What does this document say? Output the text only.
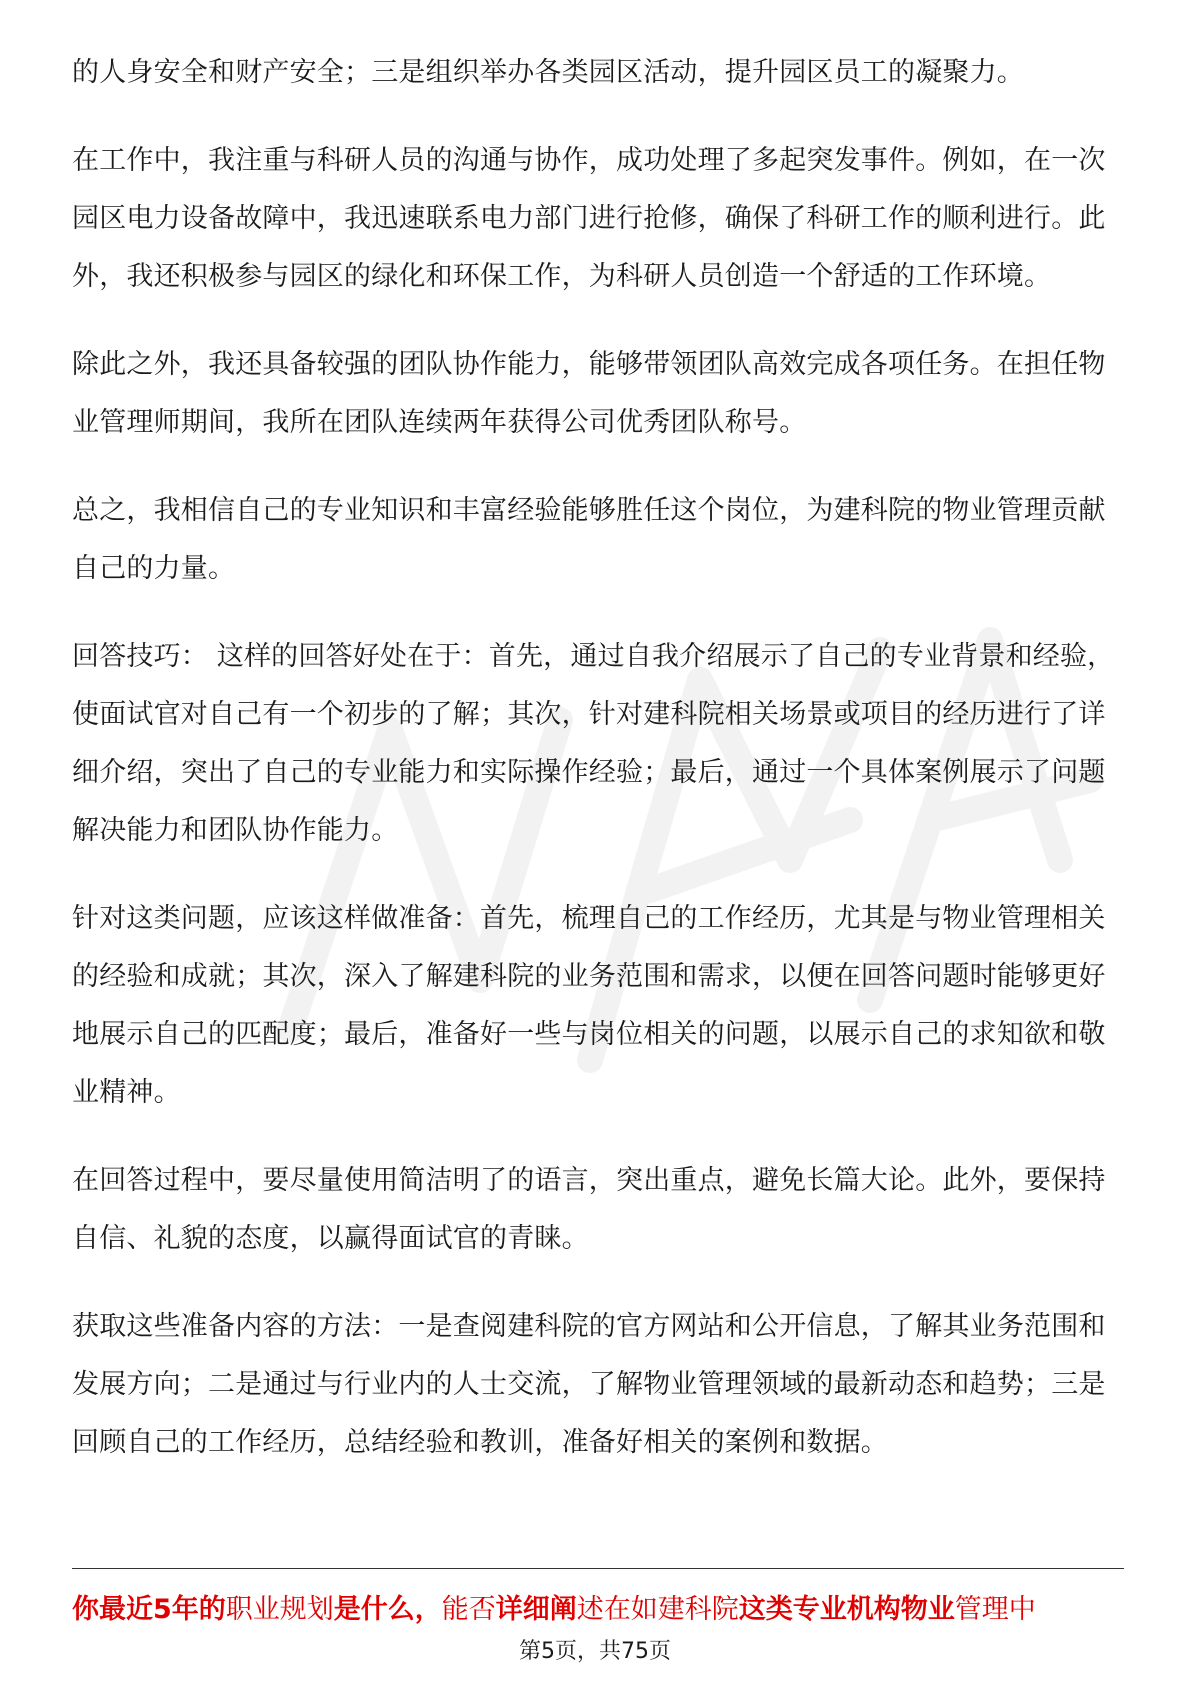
的人身安全和财产安全；三是组织举办各类园区活动，提升园区员工的凝聚力。

在工作中，我注重与科研人员的沟通与协作，成功处理了多起突发事件。例如，在一次园区电力设备故障中，我迅速联系电力部门进行抢修，确保了科研工作的顺利进行。此外，我还积极参与园区的绿化和环保工作，为科研人员创造一个舒适的工作环境。

除此之外，我还具备较强的团队协作能力，能够带领团队高效完成各项任务。在担任物业管理师期间，我所在团队连续两年获得公司优秀团队称号。

总之，我相信自己的专业知识和丰富经验能够胜任这个岗位，为建科院的物业管理贡献自己的力量。

回答技巧： 这样的回答好处在于：首先，通过自我介绍展示了自己的专业背景和经验，使面试官对自己有一个初步的了解；其次，针对建科院相关场景或项目的经历进行了详细介绍，突出了自己的专业能力和实际操作经验；最后，通过一个具体案例展示了问题解决能力和团队协作能力。

针对这类问题，应该这样做准备：首先，梳理自己的工作经历，尤其是与物业管理相关的经验和成就；其次，深入了解建科院的业务范围和需求，以便在回答问题时能够更好地展示自己的匹配度；最后，准备好一些与岗位相关的问题，以展示自己的求知欲和敬业精神。

在回答过程中，要尽量使用简洁明了的语言，突出重点，避免长篇大论。此外，要保持自信、礼貌的态度，以赢得面试官的青睐。

获取这些准备内容的方法：一是查阅建科院的官方网站和公开信息，了解其业务范围和发展方向；二是通过与行业内的人士交流，了解物业管理领域的最新动态和趋势；三是回顾自己的工作经历，总结经验和教训，准备好相关的案例和数据。

你最近5年的职业规划是什么，能否详细阐述在如建科院这类专业机构物业管理中
第5页，共75页
